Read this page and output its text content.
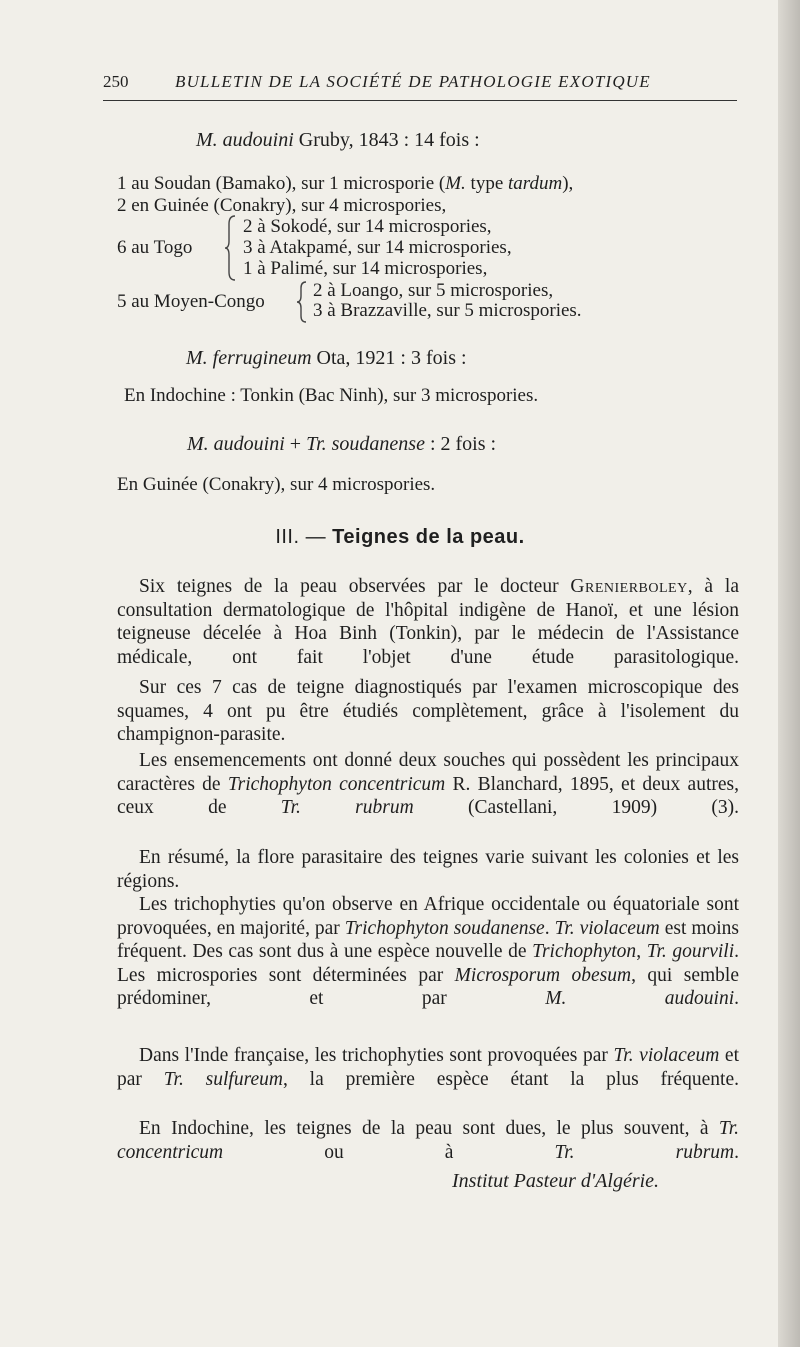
250	BULLETIN DE LA SOCIÉTÉ DE PATHOLOGIE EXOTIQUE
M. audouini Gruby, 1843 : 14 fois :
1 au Soudan (Bamako), sur 1 microsporie (M. type tardum),
2 en Guinée (Conakry), sur 4 microspories,
2 à Sokodé, sur 14 microspories,
6 au Togo	3 à Atakpamé, sur 14 microspories,
1 à Palimé, sur 14 microspories,
5 au Moyen-Congo
2 à Loango, sur 5 microspories,
3 à Brazzaville, sur 5 microspories.
M. ferrugineum Ota, 1921 : 3 fois :
En Indochine : Tonkin (Bac Ninh), sur 3 microspories.
M. audouini + Tr. soudanense : 2 fois :
En Guinée (Conakry), sur 4 microspories.
III. — Teignes de la peau.
Six teignes de la peau observées par le docteur Grenierboley, à la consultation dermatologique de l'hôpital indigène de Hanoï, et une lésion teigneuse décelée à Hoa Binh (Tonkin), par le médecin de l'Assistance médicale, ont fait l'objet d'une étude parasitologique.
Sur ces 7 cas de teigne diagnostiqués par l'examen microscopique des squames, 4 ont pu être étudiés complètement, grâce à l'isolement du champignon-parasite.
Les ensemencements ont donné deux souches qui possèdent les principaux caractères de Trichophyton concentricum R. Blanchard, 1895, et deux autres, ceux de Tr. rubrum (Castellani, 1909) (3).
En résumé, la flore parasitaire des teignes varie suivant les colonies et les régions.
Les trichophyties qu'on observe en Afrique occidentale ou équatoriale sont provoquées, en majorité, par Trichophyton soudanense. Tr. violaceum est moins fréquent. Des cas sont dus à une espèce nouvelle de Trichophyton, Tr. gourvili. Les microspories sont déterminées par Microsporum obesum, qui semble prédominer, et par M. audouini.
Dans l'Inde française, les trichophyties sont provoquées par Tr. violaceum et par Tr. sulfureum, la première espèce étant la plus fréquente.
En Indochine, les teignes de la peau sont dues, le plus souvent, à Tr. concentricum ou à Tr. rubrum.
Institut Pasteur d'Algérie.
